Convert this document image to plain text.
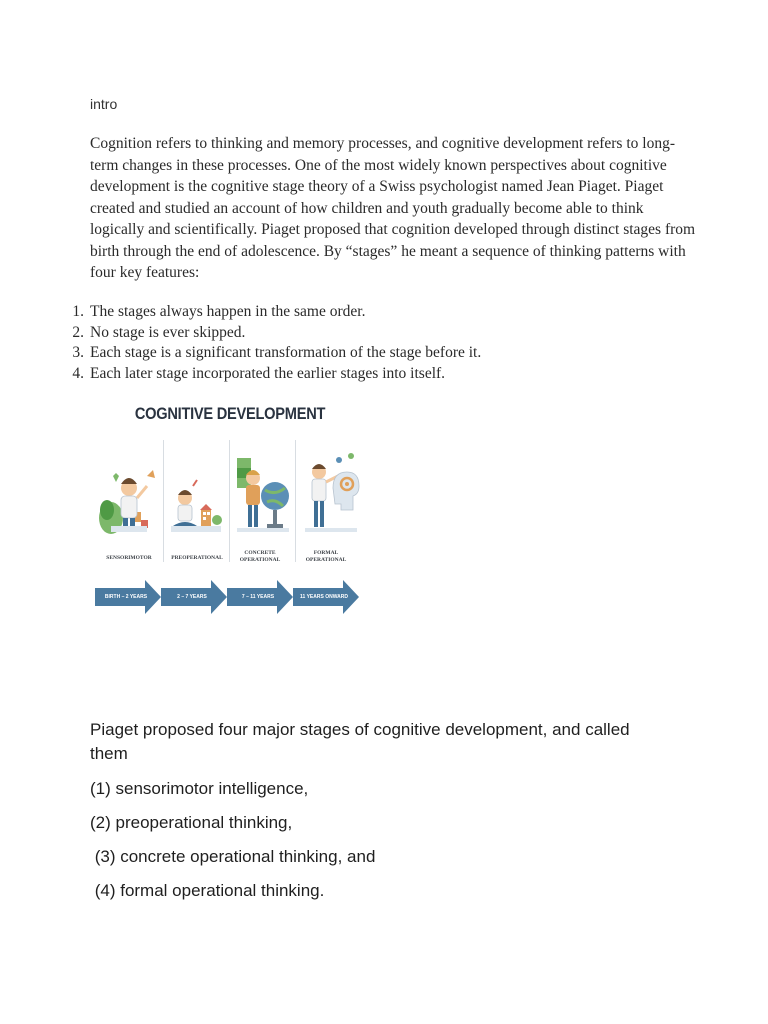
intro

Cognition refers to thinking and memory processes, and cognitive development refers to long-term changes in these processes. One of the most widely known perspectives about cognitive development is the cognitive stage theory of a Swiss psychologist named Jean Piaget. Piaget created and studied an account of how children and youth gradually become able to think logically and scientifically. Piaget proposed that cognition developed through distinct stages from birth through the end of adolescence. By “stages” he meant a sequence of thinking patterns with four key features:

1. The stages always happen in the same order.
2. No stage is ever skipped.
3. Each stage is a significant transformation of the stage before it.
4. Each later stage incorporated the earlier stages into itself.
COGNITIVE DEVELOPMENT
SENSORIMOTOR	PREOPERATIONAL
CONCRETE OPERATIONAL
FORMAL OPERATIONAL
BIRTH – 2 YEARS	2 – 7 YEARS	7 – 11 YEARS	11 YEARS ONWARD

Piaget proposed four major stages of cognitive development, and called them

(1) sensorimotor intelligence,

(2) preoperational thinking,

(3) concrete operational thinking, and

(4) formal operational thinking.
